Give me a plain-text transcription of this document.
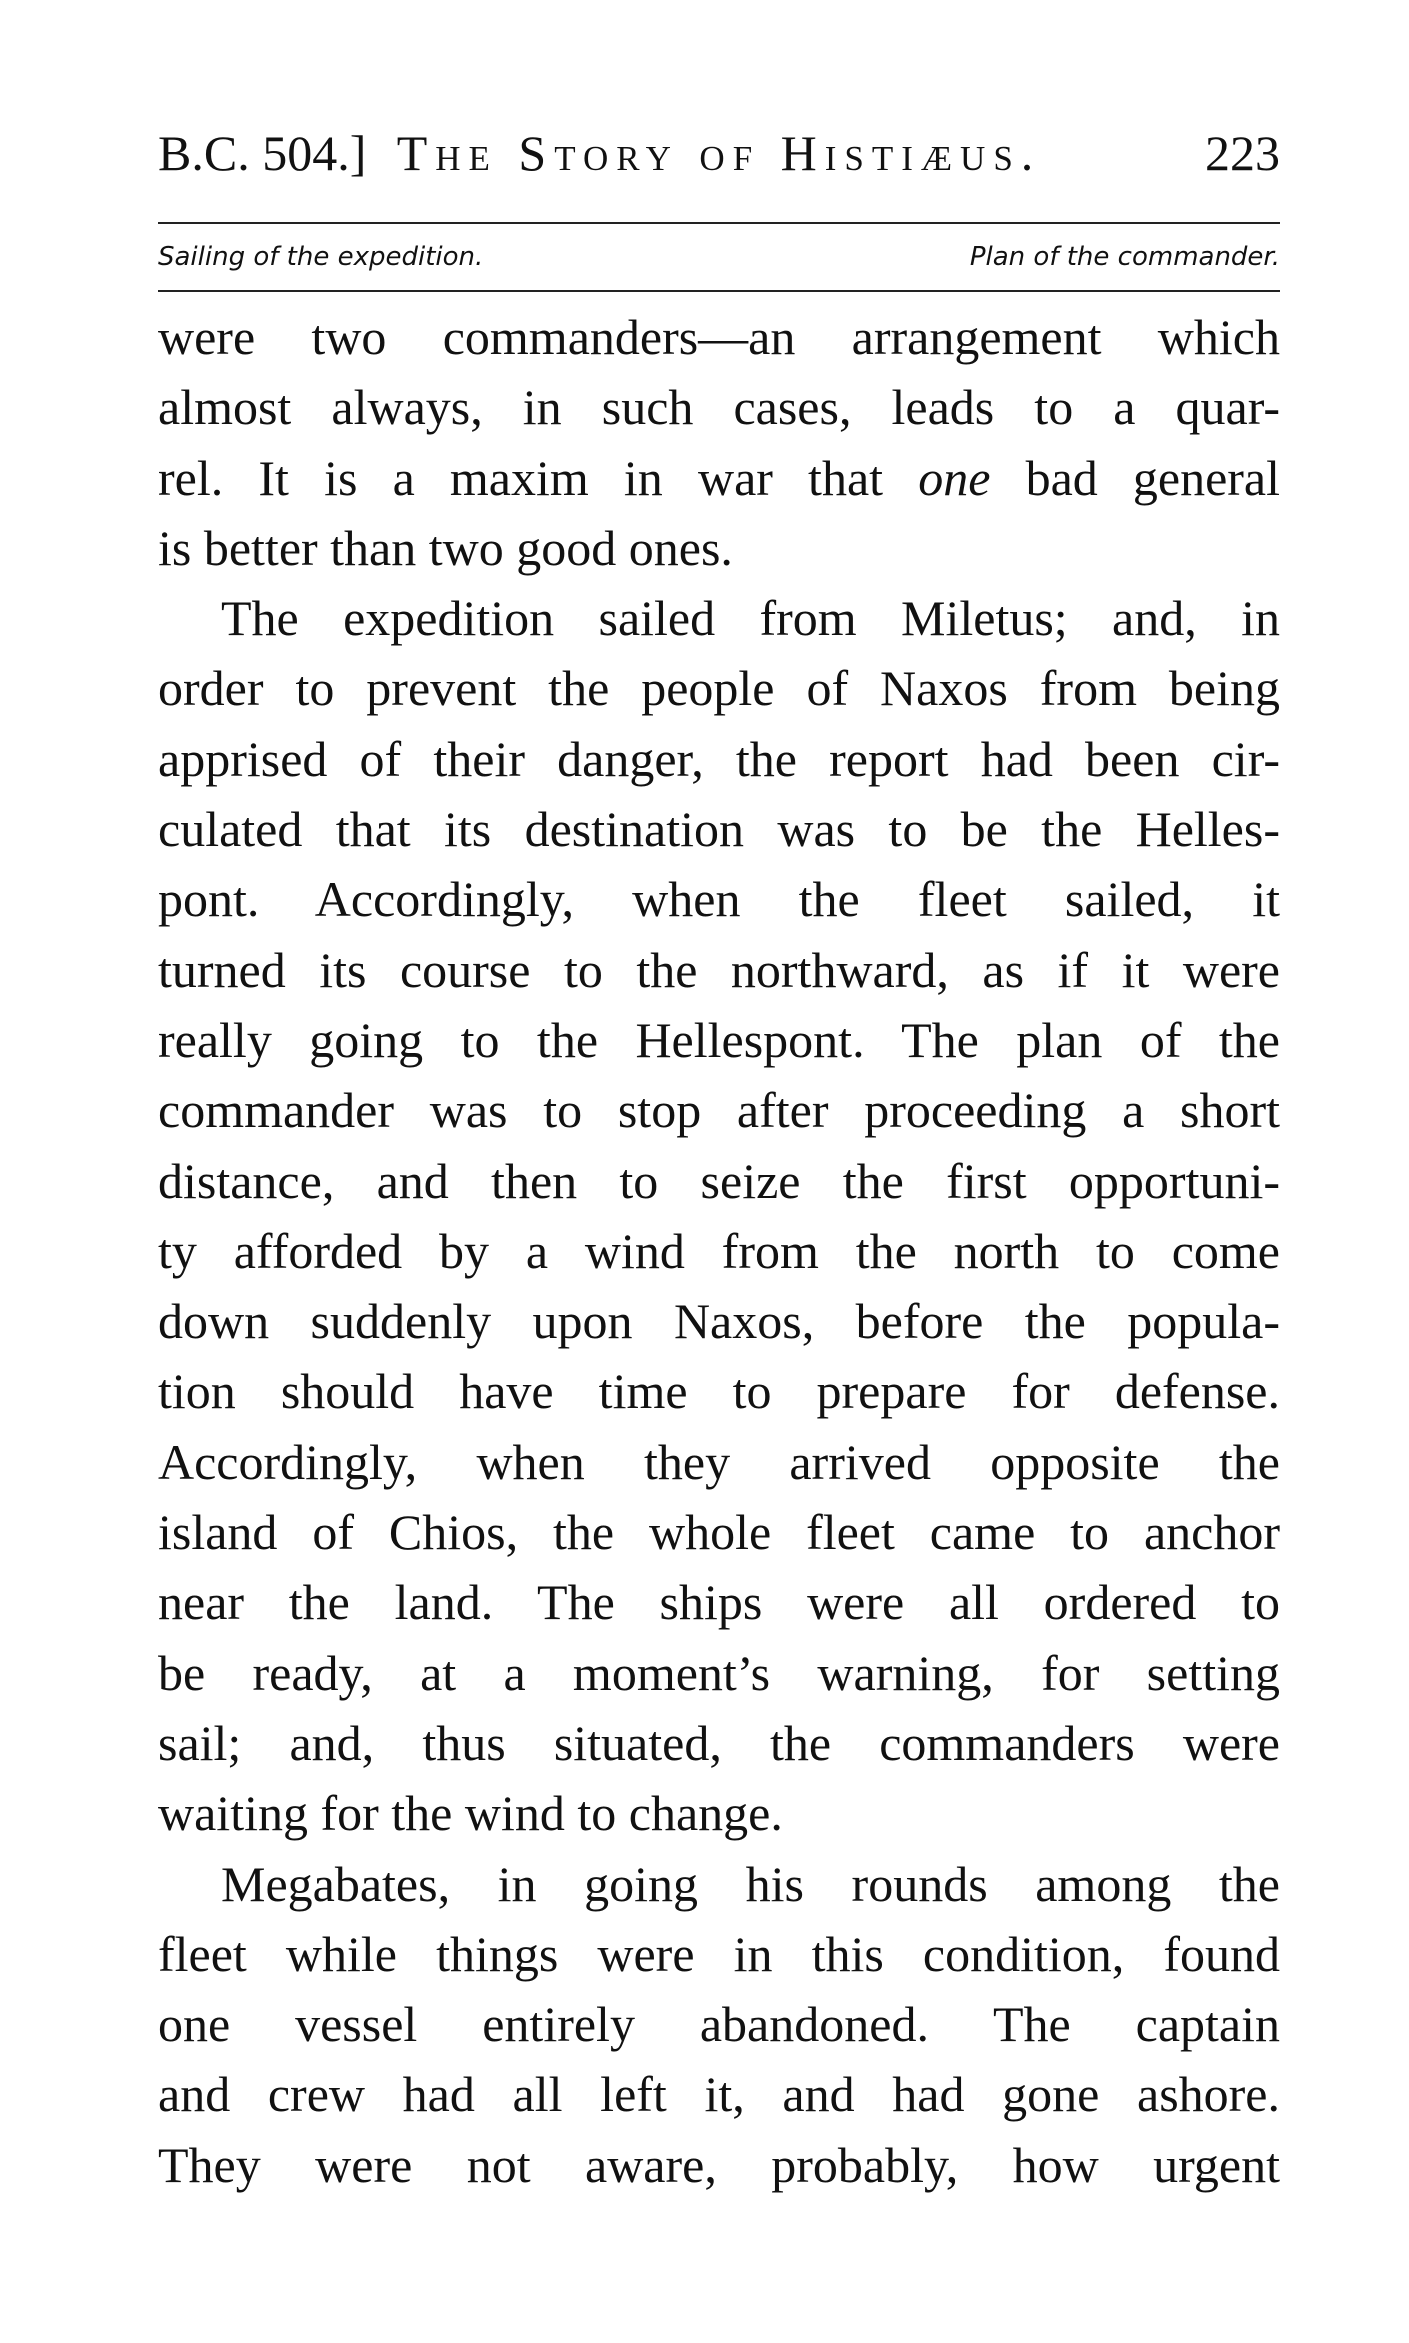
B.C. 504.] The Story of Histiæus.	223
Sailing of the expedition.	Plan of the commander.
were two commanders—an arrangement which
almost always, in such cases, leads to a quar-
rel. It is a maxim in war that one bad general
is better than two good ones.
The expedition sailed from Miletus; and, in
order to prevent the people of Naxos from being
apprised of their danger, the report had been cir-
culated that its destination was to be the Helles-
pont. Accordingly, when the fleet sailed, it
turned its course to the northward, as if it were
really going to the Hellespont. The plan of the
commander was to stop after proceeding a short
distance, and then to seize the first opportuni-
ty afforded by a wind from the north to come
down suddenly upon Naxos, before the popula-
tion should have time to prepare for defense.
Accordingly, when they arrived opposite the
island of Chios, the whole fleet came to anchor
near the land. The ships were all ordered to
be ready, at a moment’s warning, for setting
sail; and, thus situated, the commanders were
waiting for the wind to change.
Megabates, in going his rounds among the
fleet while things were in this condition, found
one vessel entirely abandoned. The captain
and crew had all left it, and had gone ashore.
They were not aware, probably, how urgent
